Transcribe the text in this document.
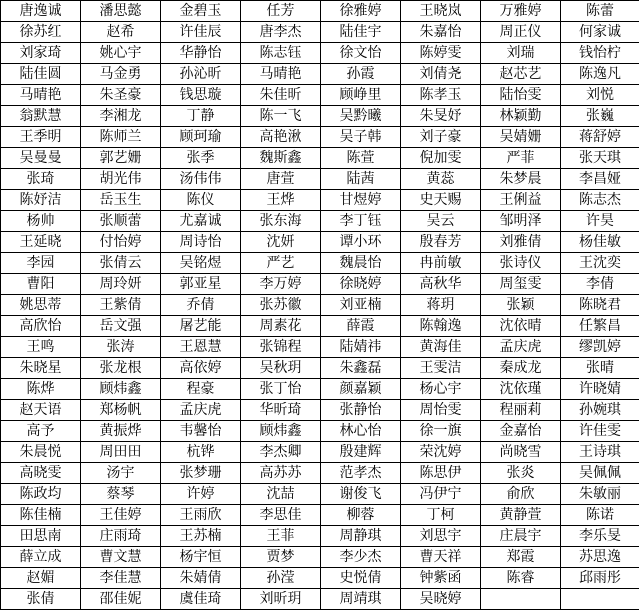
唐逸诚	潘思懿	金碧玉	任芳	徐雅婷	王晓岚	万雅婷	陈蕾
徐苏红	赵希	许佳辰	唐李杰	陆佳宇	朱嘉怡	周正仪	何家诚
刘家琦	姚心宇	华静怡	陈志钰	徐文怡	陈婷雯	刘瑞	钱怡柠
陆佳圆	马金勇	孙沁昕	马晴艳	孙霞	刘倩尧	赵芯艺	陈逸凡
马晴艳	朱圣豪	钱思璇	朱佳昕	顾峥里	陈孝玉	陆怡雯	刘悦
翁默慧	李湘龙	丁静	陈一飞	吴黔曦	朱旻妤	林颖勤	张巍
王季明	陈师兰	顾珂瑜	高艳湫	吴子韩	刘子豪	吴婧姗	蒋舒婷
吴曼曼	郭艺姗	张季	魏斯鑫	陈萱	倪加雯	严菲	张天琪
张琦	胡光伟	汤伟伟	唐萱	陆茜	黄蕊	朱梦晨	李昌娅
陈妤洁	岳玉生	陈仪	王烨	甘煜婷	史天赐	王俐益	陈志杰
杨帅	张顺蕾	尤嘉诚	张东海	李丁钰	吴云	邹明泽	许昊
王延晓	付怡婷	周诗怡	沈妍	谭小环	殷春芳	刘雅倩	杨佳敏
李园	张倩云	吴铭煜	严艺	魏晨怡	冉前敏	张诗仪	王沈奕
曹阳	周玲妍	郭亚星	李万婷	徐晓婷	高秋华	周玺雯	李倩
姚思蒂	王紫倩	乔倩	张苏徽	刘亚楠	蒋玥	张颖	陈晓君
高欣怡	岳文强	屠艺能	周素花	薛霞	陈翰逸	沈依晴	任繁昌
王鸣	张涛	王恩慧	张锦程	陆婧祎	黄海佳	孟庆虎	缪凯婷
朱晓星	张龙根	高依婷	吴秋玥	朱鑫磊	王雯洁	秦成龙	张晴
陈烨	顾炜鑫	程豪	张丁怡	颜嘉颖	杨心宇	沈依瑾	许晓婧
赵天语	郑杨帆	孟庆虎	华昕琦	张静怡	周怡雯	程丽莉	孙婉琪
高予	黄振烨	韦馨怡	顾炜鑫	林心怡	徐一旗	金嘉怡	许佳雯
朱晨悦	周田田	杭铧	李杰卿	殷建辉	荣沈婷	尚晓雪	王诗琪
高晓雯	汤宇	张梦珊	高苏苏	范孝杰	陈思伊	张炎	吴佩佩
陈政均	蔡琴	许婷	沈喆	谢俊飞	冯伊宁	俞欣	朱敏丽
陈佳楠	王佳婷	王雨欣	李思佳	柳蓉	丁柯	黄静萱	陈诺
田思南	庄雨琦	王苏楠	王菲	周静琪	刘思宇	庄晨宇	李乐旻
薛立成	曹文慧	杨宇恒	贾梦	李少杰	曹天祥	郑霞	苏思逸
赵媚	李佳慧	朱婧倩	孙滢	史悦倩	钟紫函	陈睿	邱雨彤
张倩	邵佳妮	虞佳琦	刘昕玥	周靖琪	吴晓婷		
